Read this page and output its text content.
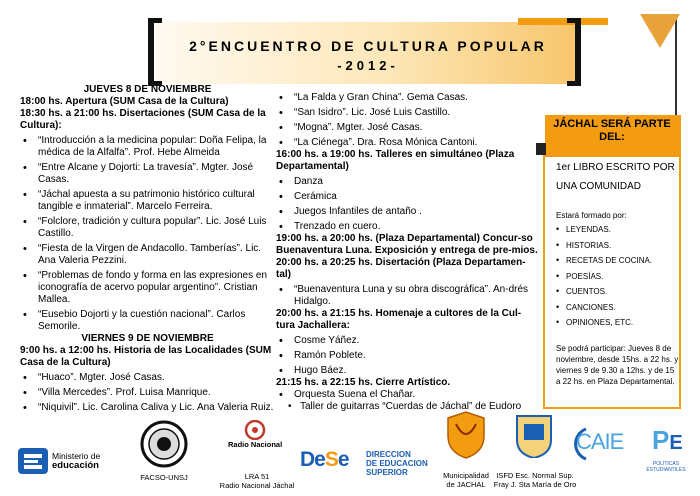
2°ENCUENTRO DE CULTURA POPULAR
-2012-
JUEVES 8 DE NOVIEMBRE
18:00 hs. Apertura (SUM Casa de la Cultura)
18:30 hs. a 21:00 hs. Disertaciones (SUM Casa de la Cultura):
• “Introducción a la medicina popular: Doña Felipa, la médica de la Alfalfa”. Prof. Hebe Almeida
• “Entre Alcane y Dojorti: La travesía”. Mgter. José Casas.
• “Jáchal apuesta a su patrimonio histórico cultural tangible e inmaterial”. Marcelo Ferreira.
• “Folclore, tradición y cultura popular”. Lic. José Luis Castillo.
• “Fiesta de la Virgen de Andacollo. Tamberías”. Lic. Ana Valeria Pezzini.
• “Problemas de fondo y forma en las expresiones en iconografía de acervo popular argentino”. Cristian Mallea.
• “Eusebio Dojorti y la cuestión nacional”. Carlos Semorile.
VIERNES 9 DE NOVIEMBRE
9:00 hs. a 12:00 hs. Historia de las Localidades (SUM Casa de la Cultura)
• “Huaco”. Mgter. José Casas.
• “Villa Mercedes”. Prof. Luisa Manrique.
• “Niquivil”. Lic. Carolina Caliva y Lic. Ana Valeria Ruiz.
• “La Falda y Gran China”. Gema Casas.
• “San Isidro”. Lic. José Luis Castillo.
• “Mogna”. Mgter. José Casas.
• “La Ciénega”. Dra. Rosa Mónica Cantoni.
16:00 hs. a 19:00 hs. Talleres en simultáneo (Plaza Departamental)
• Danza
• Cerámica
• Juegos Infantiles de antaño .
• Trenzado en cuero.
19:00 hs. a 20:00 hs. (Plaza Departamental) Concur-so Buenaventura Luna. Exposición y entrega de pre-mios.
20:00 hs. a 20:25 hs. Disertación (Plaza Departamen-tal)
• “Buenaventura Luna y su obra discográfica”. An-drés Hidalgo.
20:00 hs. a 21:15 hs. Homenaje a cultores de la Cul-tura Jachallera:
• Cosme Yáñez.
• Ramón Poblete.
• Hugo Báez.
21:15 hs. a 22:15 hs. Cierre Artístico.
• Orquesta Suena el Chañar.
• Taller de guitarras “Cuerdas de Jáchal” de Eudoro
JÁCHAL SERÁ PARTE DEL:
1er LIBRO ESCRITO POR UNA COMUNIDAD
Estará formado por:
• LEYENDAS.
• HISTORIAS.
• RECETAS DE COCINA.
• POESÍAS.
• CUENTOS.
• CANCIONES.
• OPINIONES, ETC.
Se podrá participar: Jueves 8 de noviembre, desde 15hs. a 22 hs. y viernes 9 de 9.30 a 12hs. y de 15 a 22 hs. en Plaza Departamental.
Ministerio de
educación
FACSO-UNSJ
Radio Nacional
LRA 51
Radio Nacional Jáchal
DeSe	DIRECCION
DE EDUCACION
SUPERIOR	Municipalidad
de JACHAL
ISFD Esc. Normal Sup.
Fray J. Sta María de Oro
CAIE PE
POLÍTICAS ESTUDIANTILES
